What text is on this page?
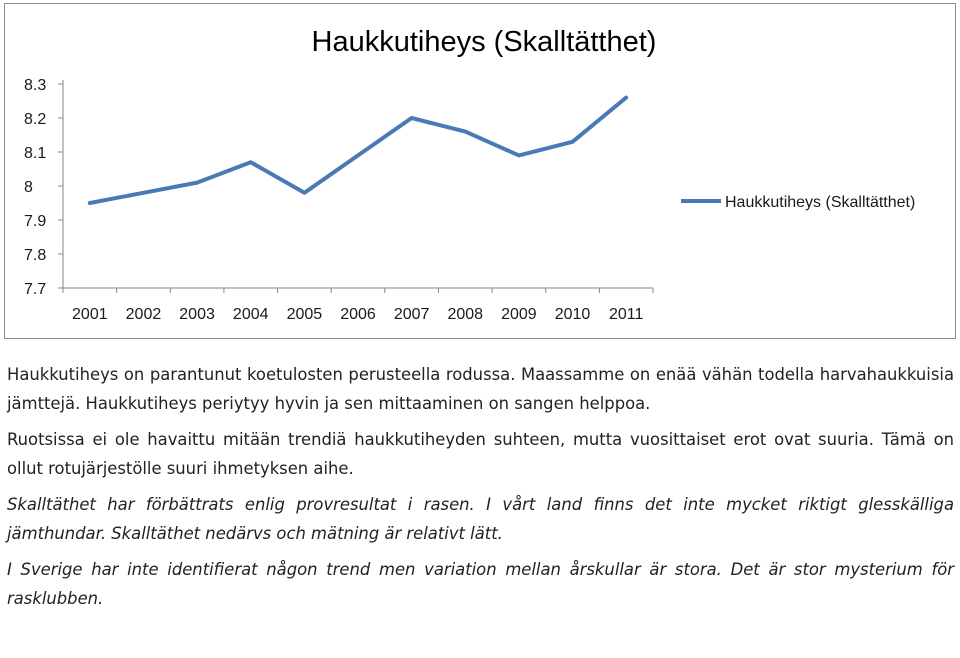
Haukkutiheys (Skalltätthet)
7.7
7.8
7.9
8
8.1
8.2
8.3
2001 2002 2003 2004 2005 2006 2007 2008 2009 2010 2011
Haukkutiheys (Skalltätthet)

Haukkutiheys on parantunut koetulosten perusteella rodussa. Maassamme on enää vähän todella harvahaukkuisia jämttejä. Haukkutiheys periytyy hyvin ja sen mittaaminen on sangen helppoa.

Ruotsissa ei ole havaittu mitään trendiä haukkutiheyden suhteen, mutta vuosittaiset erot ovat suuria. Tämä on ollut rotujärjestölle suuri ihmetyksen aihe.

Skalltäthet har förbättrats enlig provresultat i rasen. I vårt land finns det inte mycket riktigt glesskälliga jämthundar. Skalltäthet nedärvs och mätning är relativt lätt.

I Sverige har inte identifierat någon trend men variation mellan årskullar är stora. Det är stor mysterium för rasklubben.
